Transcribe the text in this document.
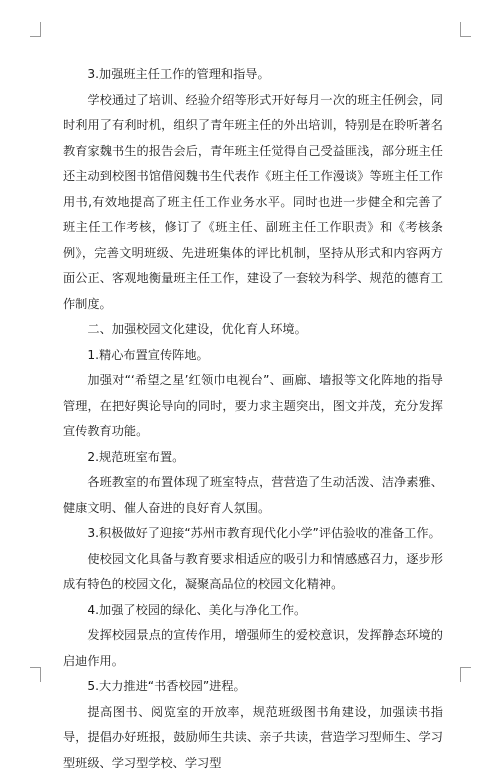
3.加强班主任工作的管理和指导。

学校通过了培训、经验介绍等形式开好每月一次的班主任例会，同时利用了有利时机，组织了青年班主任的外出培训，特别是在聆听著名教育家魏书生的报告会后，青年班主任觉得自己受益匪浅，部分班主任还主动到校图书馆借阅魏书生代表作《班主任工作漫谈》等班主任工作用书,有效地提高了班主任工作业务水平。同时也进一步健全和完善了班主任工作考核，修订了《班主任、副班主任工作职责》和《考核条例》，完善文明班级、先进班集体的评比机制，坚持从形式和内容两方面公正、客观地衡量班主任工作，建设了一套较为科学、规范的德育工作制度。

二、加强校园文化建设，优化育人环境。

1.精心布置宣传阵地。

加强对“‘希望之星’红领巾电视台”、画廊、墙报等文化阵地的指导管理，在把好舆论导向的同时，要力求主题突出，图文并茂，充分发挥宣传教育功能。

2.规范班室布置。

各班教室的布置体现了班室特点，营营造了生动活泼、洁净素雅、健康文明、催人奋进的良好育人氛围。

3.积极做好了迎接“苏州市教育现代化小学”评估验收的准备工作。

使校园文化具备与教育要求相适应的吸引力和情感感召力，逐步形成有特色的校园文化，凝聚高品位的校园文化精神。

4.加强了校园的绿化、美化与净化工作。

发挥校园景点的宣传作用，增强师生的爱校意识，发挥静态环境的启迪作用。

5.大力推进“书香校园”进程。

提高图书、阅览室的开放率，规范班级图书角建设，加强读书指导，提倡办好班报，鼓励师生共读、亲子共读，营造学习型师生、学习型班级、学习型学校、学习型
